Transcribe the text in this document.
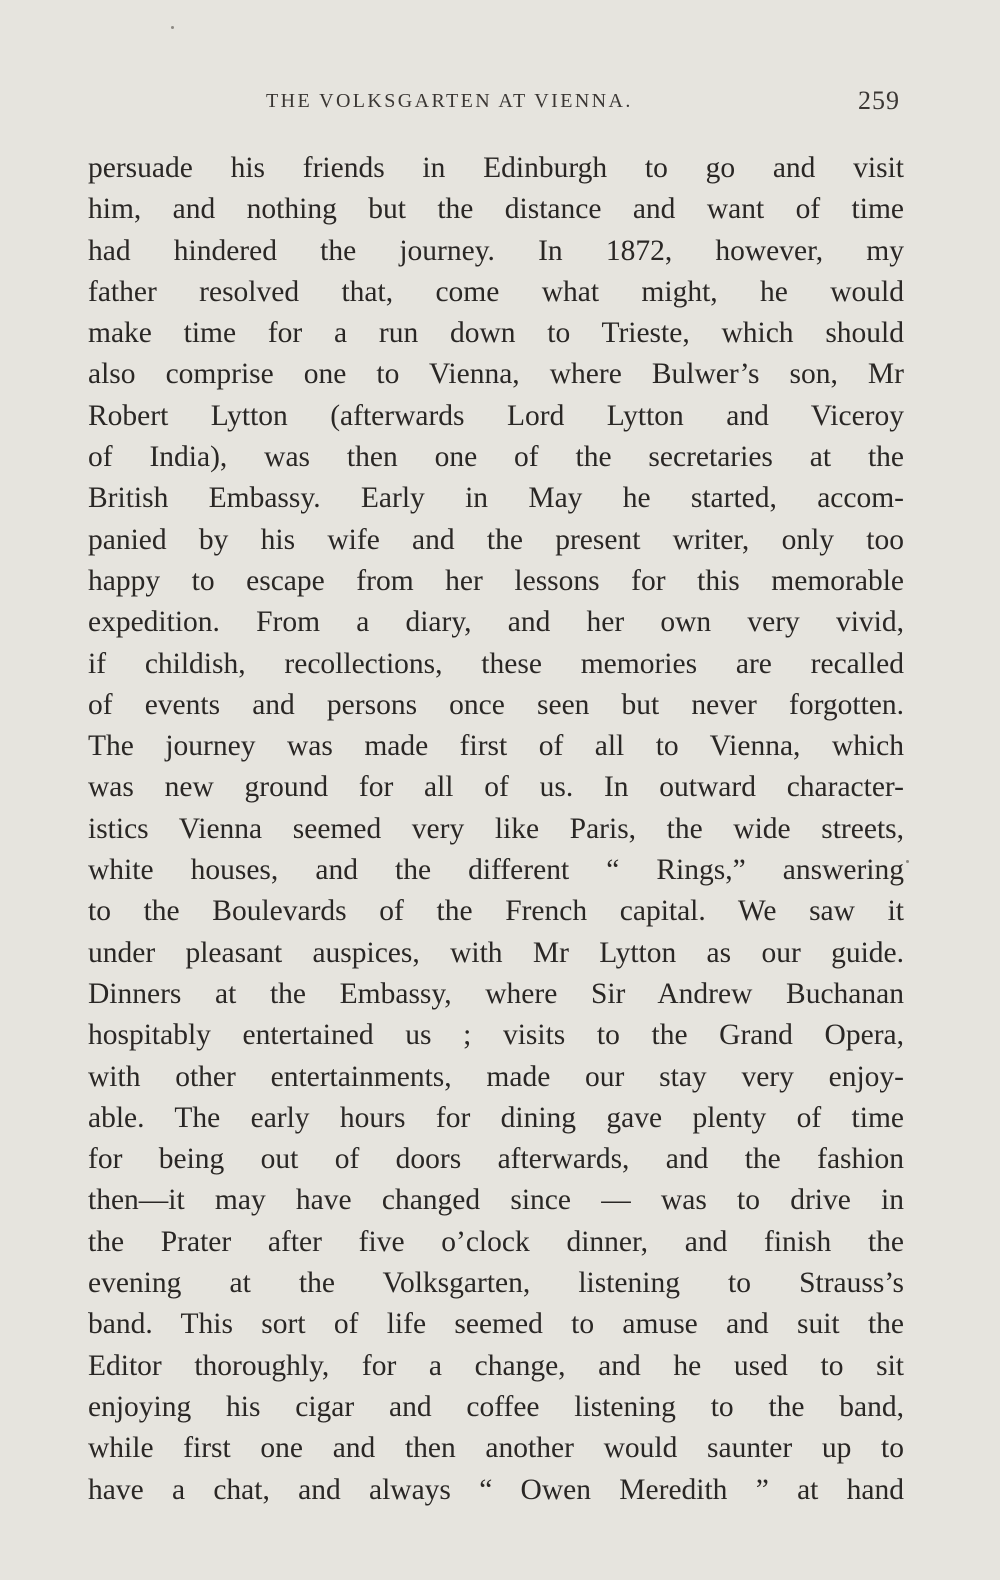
THE VOLKSGARTEN AT VIENNA.	259
persuade his friends in Edinburgh to go and visit
him, and nothing but the distance and want of time
had hindered the journey. In 1872, however, my
father resolved that, come what might, he would
make time for a run down to Trieste, which should
also comprise one to Vienna, where Bulwer’s son, Mr
Robert Lytton (afterwards Lord Lytton and Viceroy
of India), was then one of the secretaries at the
British Embassy. Early in May he started, accom-
panied by his wife and the present writer, only too
happy to escape from her lessons for this memorable
expedition. From a diary, and her own very vivid,
if childish, recollections, these memories are recalled
of events and persons once seen but never forgotten.
The journey was made first of all to Vienna, which
was new ground for all of us. In outward character-
istics Vienna seemed very like Paris, the wide streets,
white houses, and the different “ Rings,” answering
to the Boulevards of the French capital. We saw it
under pleasant auspices, with Mr Lytton as our guide.
Dinners at the Embassy, where Sir Andrew Buchanan
hospitably entertained us ; visits to the Grand Opera,
with other entertainments, made our stay very enjoy-
able. The early hours for dining gave plenty of time
for being out of doors afterwards, and the fashion
then—it may have changed since — was to drive in
the Prater after five o’clock dinner, and finish the
evening at the Volksgarten, listening to Strauss’s
band. This sort of life seemed to amuse and suit the
Editor thoroughly, for a change, and he used to sit
enjoying his cigar and coffee listening to the band,
while first one and then another would saunter up to
have a chat, and always “ Owen Meredith ” at hand
